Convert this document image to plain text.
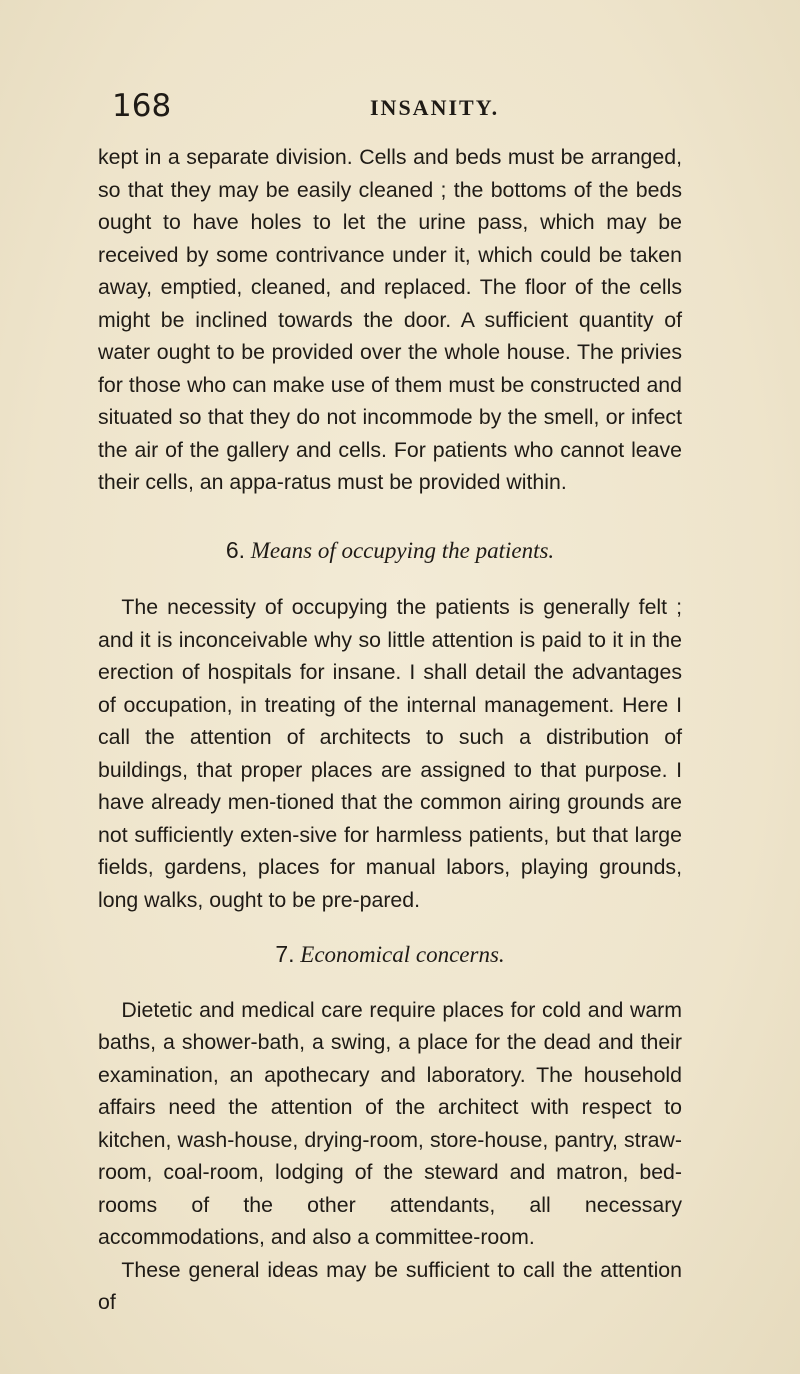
168	INSANITY.

kept in a separate division. Cells and beds must be arranged, so that they may be easily cleaned ; the bottoms of the beds ought to have holes to let the urine pass, which may be received by some contrivance under it, which could be taken away, emptied, cleaned, and replaced. The floor of the cells might be inclined towards the door. A sufficient quantity of water ought to be provided over the whole house. The privies for those who can make use of them must be constructed and situated so that they do not incommode by the smell, or infect the air of the gallery and cells. For patients who cannot leave their cells, an appa-ratus must be provided within.

6. Means of occupying the patients.

The necessity of occupying the patients is generally felt ; and it is inconceivable why so little attention is paid to it in the erection of hospitals for insane. I shall detail the advantages of occupation, in treating of the internal management. Here I call the attention of architects to such a distribution of buildings, that proper places are assigned to that purpose. I have already men-tioned that the common airing grounds are not sufficiently exten-sive for harmless patients, but that large fields, gardens, places for manual labors, playing grounds, long walks, ought to be pre-pared.

7. Economical concerns.

Dietetic and medical care require places for cold and warm baths, a shower-bath, a swing, a place for the dead and their examination, an apothecary and laboratory. The household affairs need the attention of the architect with respect to kitchen, wash-house, drying-room, store-house, pantry, straw-room, coal-room, lodging of the steward and matron, bed-rooms of the other attendants, all necessary accommodations, and also a committee-room.

These general ideas may be sufficient to call the attention of
